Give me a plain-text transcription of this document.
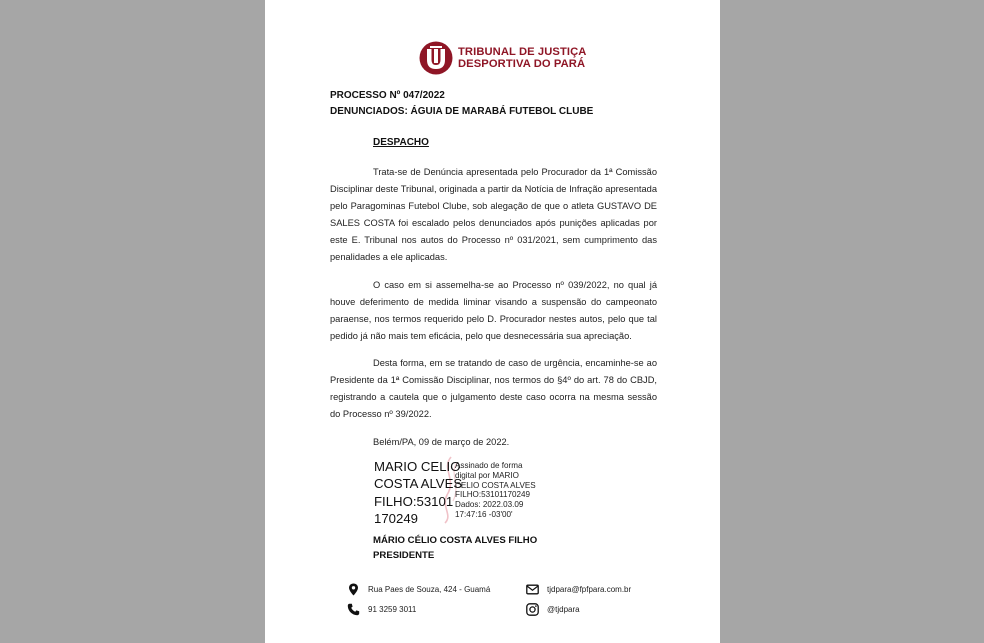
TRIBUNAL DE JUSTIÇA
DESPORTIVA DO PARÁ
PROCESSO Nº 047/2022
DENUNCIADOS: ÁGUIA DE MARABÁ FUTEBOL CLUBE
DESPACHO
Trata-se de Denúncia apresentada pelo Procurador da 1ª Comissão Disciplinar deste Tribunal, originada a partir da Notícia de Infração apresentada pelo Paragominas Futebol Clube, sob alegação de que o atleta GUSTAVO DE SALES COSTA foi escalado pelos denunciados após punições aplicadas por este E. Tribunal nos autos do Processo nº 031/2021, sem cumprimento das penalidades a ele aplicadas.
O caso em si assemelha-se ao Processo nº 039/2022, no qual já houve deferimento de medida liminar visando a suspensão do campeonato paraense, nos termos requerido pelo D. Procurador nestes autos, pelo que tal pedido já não mais tem eficácia, pelo que desnecessária sua apreciação.
Desta forma, em se tratando de caso de urgência, encaminhe-se ao Presidente da 1ª Comissão Disciplinar, nos termos do §4º do art. 78 do CBJD, registrando a cautela que o julgamento deste caso ocorra na mesma sessão do Processo nº 39/2022.
Belém/PA, 09 de março de 2022.
MARIO CELIO
COSTA ALVES
FILHO:53101
170249
Assinado de forma
digital por MARIO
CELIO COSTA ALVES
FILHO:53101170249
Dados: 2022.03.09
17:47:16 -03'00'
MÁRIO CÉLIO COSTA ALVES FILHO
PRESIDENTE
Rua Paes de Souza, 424 - Guamá
91 3259 3011
tjdpara@fpfpara.com.br
@tjdpara
